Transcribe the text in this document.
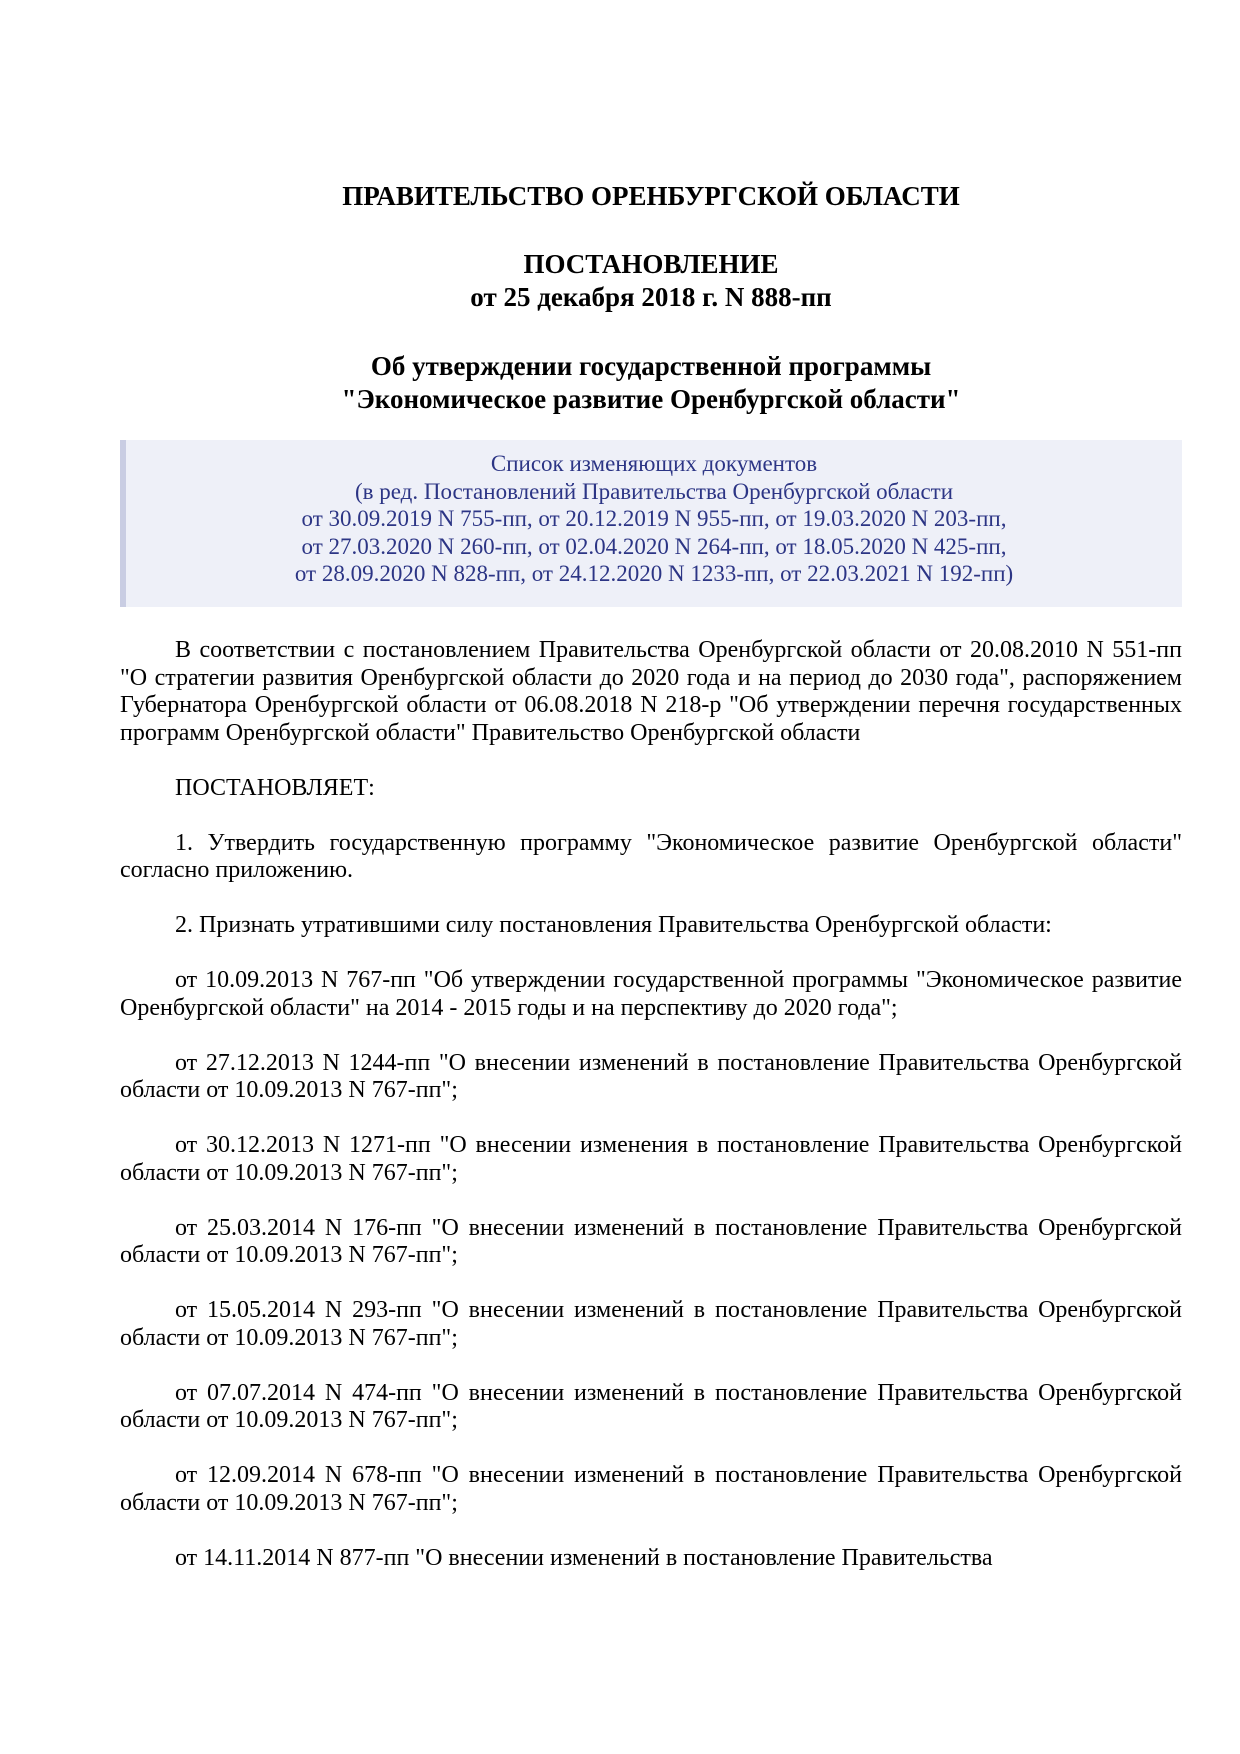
ПРАВИТЕЛЬСТВО ОРЕНБУРГСКОЙ ОБЛАСТИ
ПОСТАНОВЛЕНИЕ
от 25 декабря 2018 г. N 888-пп
Об утверждении государственной программы
"Экономическое развитие Оренбургской области"
Список изменяющих документов
(в ред. Постановлений Правительства Оренбургской области
от 30.09.2019 N 755-пп, от 20.12.2019 N 955-пп, от 19.03.2020 N 203-пп,
от 27.03.2020 N 260-пп, от 02.04.2020 N 264-пп, от 18.05.2020 N 425-пп,
от 28.09.2020 N 828-пп, от 24.12.2020 N 1233-пп, от 22.03.2021 N 192-пп)

В соответствии с постановлением Правительства Оренбургской области от 20.08.2010 N 551-пп "О стратегии развития Оренбургской области до 2020 года и на период до 2030 года", распоряжением Губернатора Оренбургской области от 06.08.2018 N 218-р "Об утверждении перечня государственных программ Оренбургской области" Правительство Оренбургской области

ПОСТАНОВЛЯЕТ:

1. Утвердить государственную программу "Экономическое развитие Оренбургской области" согласно приложению.

2. Признать утратившими силу постановления Правительства Оренбургской области:

от 10.09.2013 N 767-пп "Об утверждении государственной программы "Экономическое развитие Оренбургской области" на 2014 - 2015 годы и на перспективу до 2020 года";

от 27.12.2013 N 1244-пп "О внесении изменений в постановление Правительства Оренбургской области от 10.09.2013 N 767-пп";

от 30.12.2013 N 1271-пп "О внесении изменения в постановление Правительства Оренбургской области от 10.09.2013 N 767-пп";

от 25.03.2014 N 176-пп "О внесении изменений в постановление Правительства Оренбургской области от 10.09.2013 N 767-пп";

от 15.05.2014 N 293-пп "О внесении изменений в постановление Правительства Оренбургской области от 10.09.2013 N 767-пп";

от 07.07.2014 N 474-пп "О внесении изменений в постановление Правительства Оренбургской области от 10.09.2013 N 767-пп";

от 12.09.2014 N 678-пп "О внесении изменений в постановление Правительства Оренбургской области от 10.09.2013 N 767-пп";

от 14.11.2014 N 877-пп "О внесении изменений в постановление Правительства
